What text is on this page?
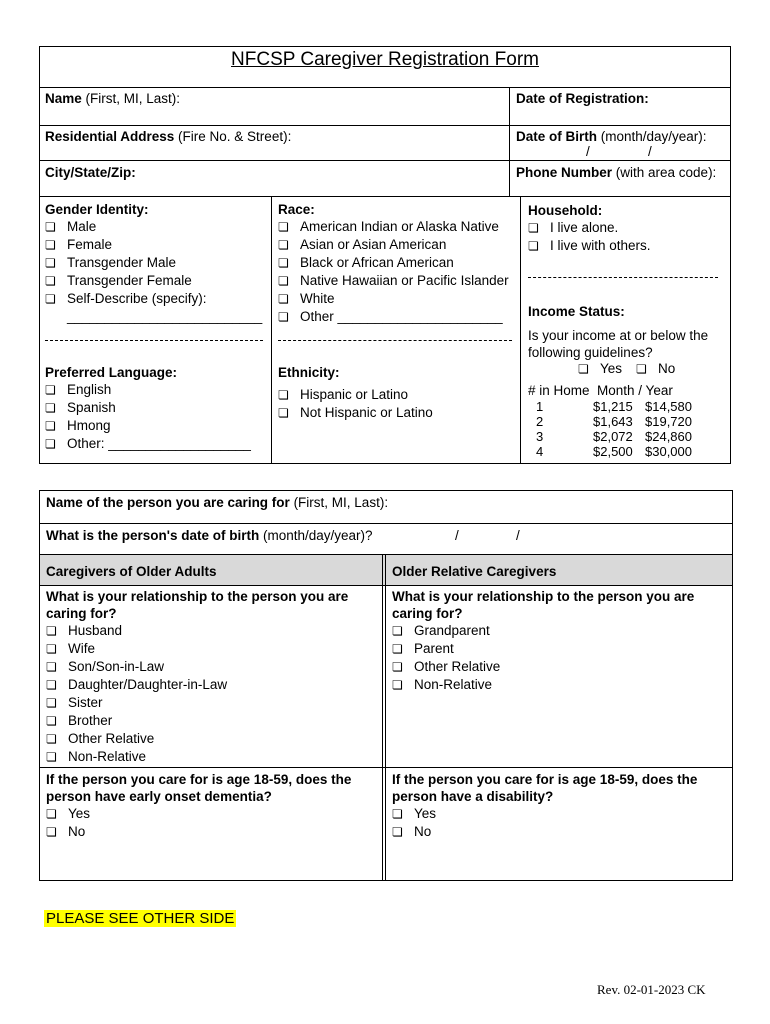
NFCSP Caregiver Registration Form
Name (First, MI, Last):	Date of Registration:
Residential Address (Fire No. & Street):	Date of Birth (month/day/year):
/	/
City/State/Zip:	Phone Number (with area code):
Gender Identity:
❏ Male
❏ Female
❏ Transgender Male
❏ Transgender Female
❏ Self-Describe (specify):
__________________________
Race:
❏ American Indian or Alaska Native
❏ Asian or Asian American
❏ Black or African American
❏ Native Hawaiian or Pacific Islander
❏ White
❏ Other ______________________
Household:
❏ I live alone.
❏ I live with others.
Income Status:
Is your income at or below the following guidelines?
❏ Yes	❏ No
# in Home  Month / Year
1	$1,215	$14,580
2	$1,643	$19,720
3	$2,072	$24,860
4	$2,500	$30,000
Preferred Language:
❏ English
❏ Spanish
❏ Hmong
❏ Other: ___________________
Ethnicity:
❏ Hispanic or Latino
❏ Not Hispanic or Latino
Name of the person you are caring for (First, MI, Last):
What is the person's date of birth (month/day/year)?	/	/
Caregivers of Older Adults	Older Relative Caregivers
What is your relationship to the person you are caring for?
❏ Husband
❏ Wife
❏ Son/Son-in-Law
❏ Daughter/Daughter-in-Law
❏ Sister
❏ Brother
❏ Other Relative
❏ Non-Relative
What is your relationship to the person you are caring for?
❏ Grandparent
❏ Parent
❏ Other Relative
❏ Non-Relative
If the person you care for is age 18-59, does the person have early onset dementia?
❏ Yes
❏ No
If the person you care for is age 18-59, does the person have a disability?
❏ Yes
❏ No
PLEASE SEE OTHER SIDE
Rev. 02-01-2023 CK
